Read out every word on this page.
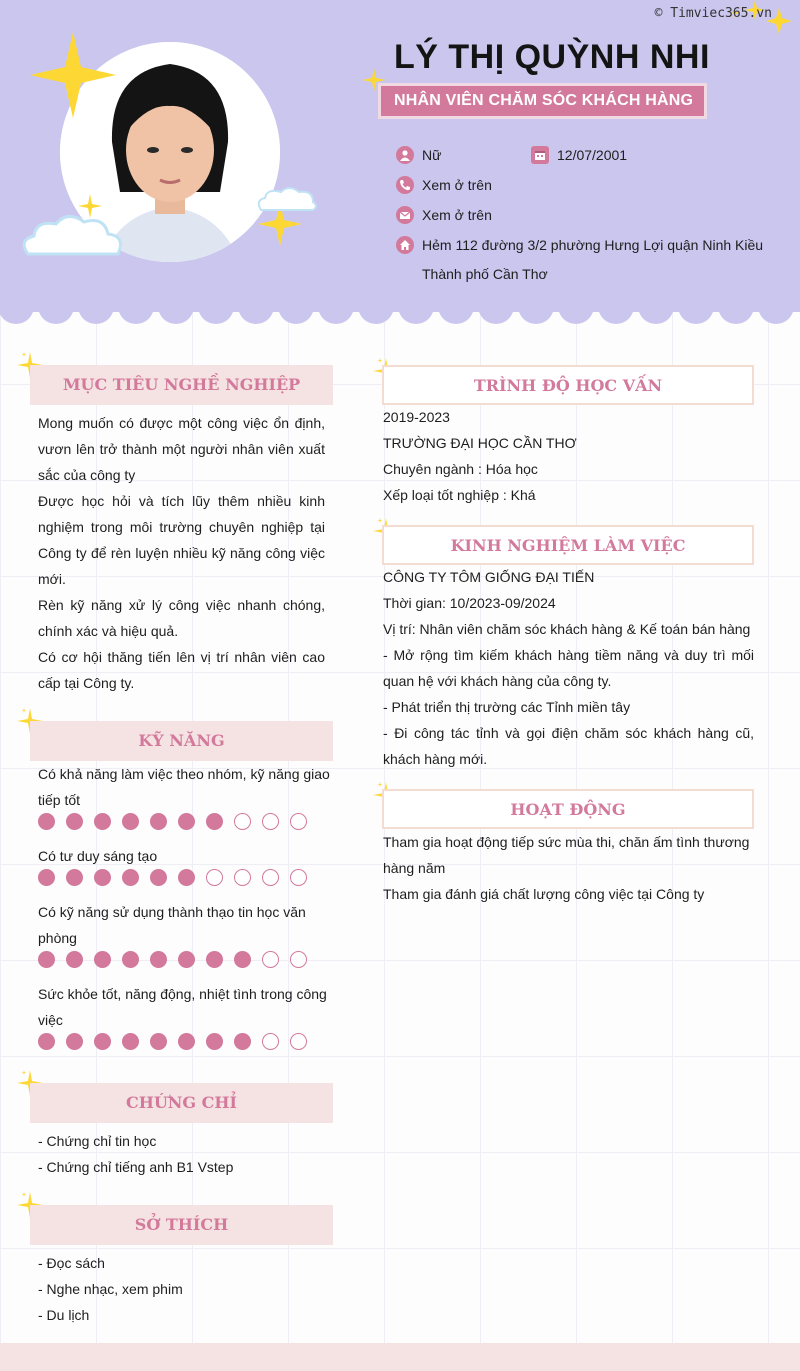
LÝ THỊ QUỲNH NHI
NHÂN VIÊN CHĂM SÓC KHÁCH HÀNG
Nữ	12/07/2001
Xem ở trên
Xem ở trên
Hẻm 112 đường 3/2 phường Hưng Lợi quận Ninh Kiều
Thành phố Cần Thơ
MỤC TIÊU NGHỀ NGHIỆP
Mong muốn có được một công việc ổn định, vươn lên trở thành một người nhân viên xuất sắc của công ty
Được học hỏi và tích lũy thêm nhiều kinh nghiệm trong môi trường chuyên nghiệp tại Công ty để rèn luyện nhiều kỹ năng công việc mới.
Rèn kỹ năng xử lý công việc nhanh chóng, chính xác và hiệu quả.
Có cơ hội thăng tiến lên vị trí nhân viên cao cấp tại Công ty.
KỸ NĂNG
Có khả năng làm việc theo nhóm, kỹ năng giao tiếp tốt
Có tư duy sáng tạo
Có kỹ năng sử dụng thành thạo tin học văn phòng
Sức khỏe tốt, năng động, nhiệt tình trong công việc
CHỨNG CHỈ
- Chứng chỉ tin học
- Chứng chỉ tiếng anh B1 Vstep
SỞ THÍCH
- Đọc sách
- Nghe nhạc, xem phim
- Du lịch
TRÌNH ĐỘ HỌC VẤN
2019-2023
TRƯỜNG ĐẠI HỌC CẦN THƠ
Chuyên ngành : Hóa học
Xếp loại tốt nghiệp : Khá
KINH NGHIỆM LÀM VIỆC
CÔNG TY TÔM GIỐNG ĐẠI TIẾN
Thời gian: 10/2023-09/2024
Vị trí: Nhân viên chăm sóc khách hàng & Kế toán bán hàng
- Mở rộng tìm kiếm khách hàng tiềm năng và duy trì mối quan hệ với khách hàng của công ty.
- Phát triển thị trường các Tỉnh miền tây
- Đi công tác tỉnh và gọi điện chăm sóc khách hàng cũ, khách hàng mới.
HOẠT ĐỘNG
Tham gia hoạt động tiếp sức mùa thi, chăn ấm tình thương hàng năm
Tham gia đánh giá chất lượng công việc tại Công ty
© Timviec365.vn
